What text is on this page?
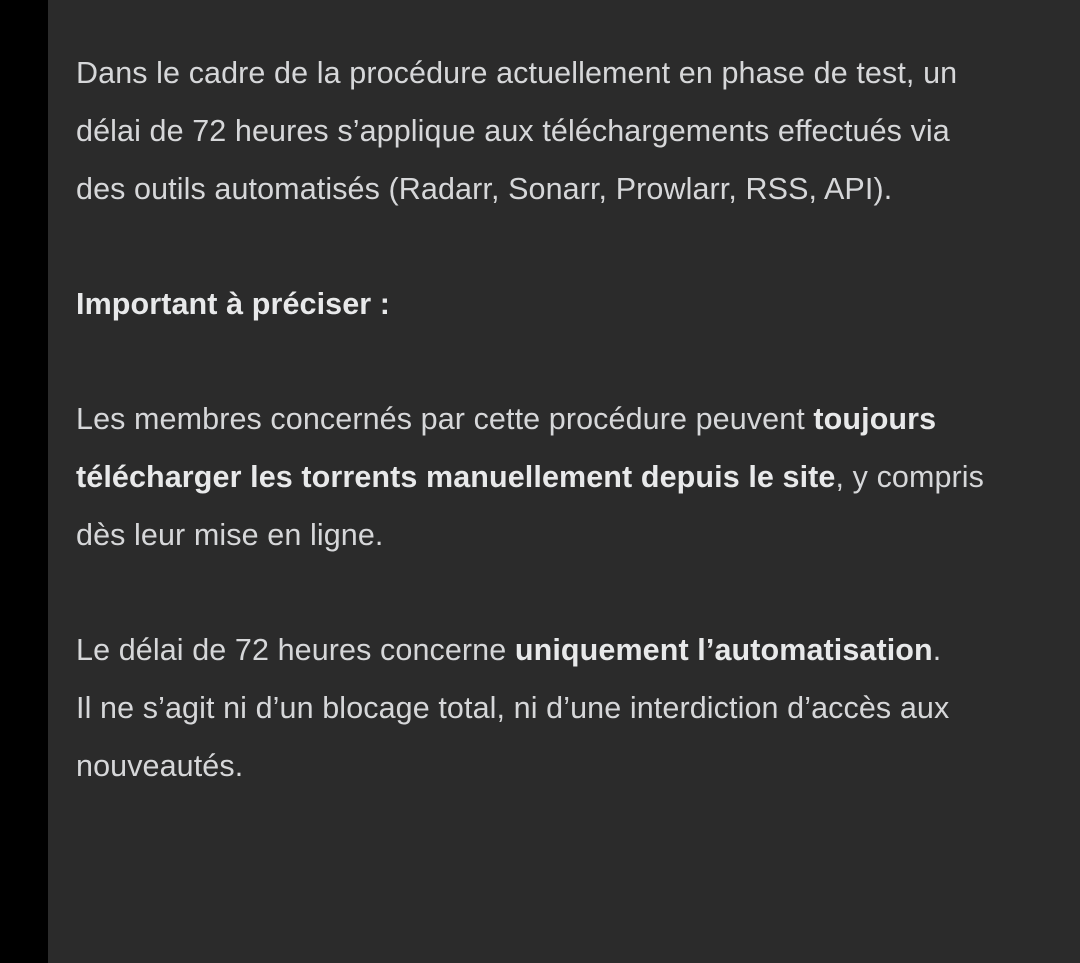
Dans le cadre de la procédure actuellement en phase de test, un délai de 72 heures s’applique aux téléchargements effectués via des outils automatisés (Radarr, Sonarr, Prowlarr, RSS, API).

Important à préciser :

Les membres concernés par cette procédure peuvent toujours télécharger les torrents manuellement depuis le site, y compris dès leur mise en ligne.

Le délai de 72 heures concerne uniquement l’automatisation.

Il ne s’agit ni d’un blocage total, ni d’une interdiction d’accès aux nouveautés.
